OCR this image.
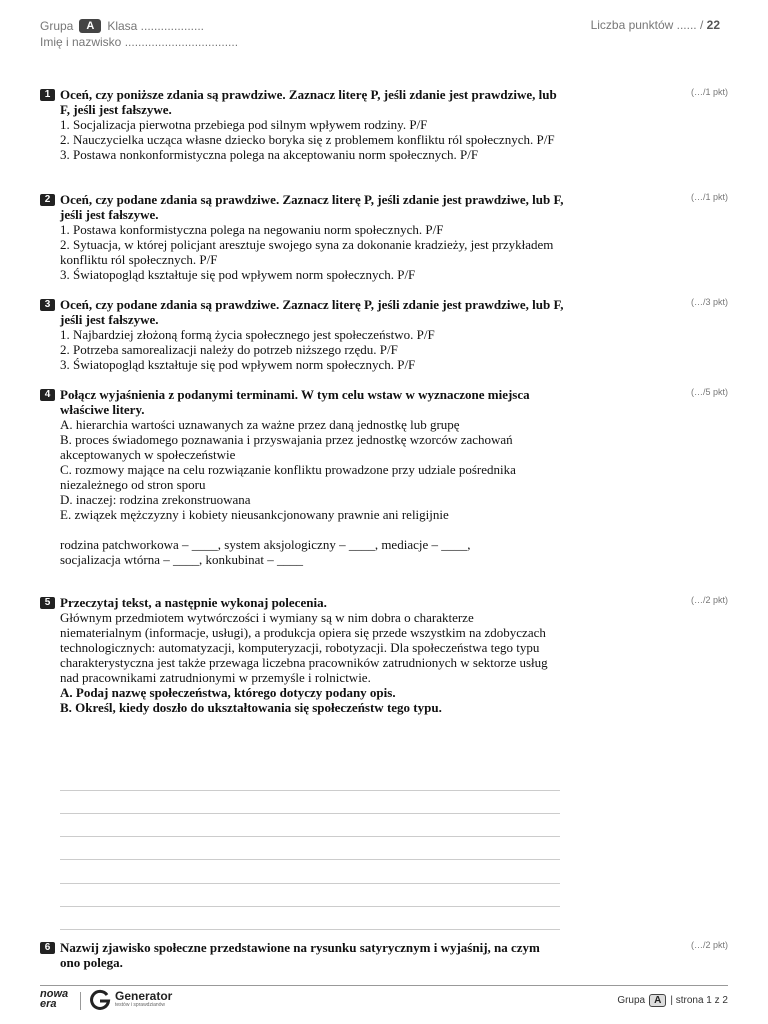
Grupa	A	Klasa ...................
Imię i nazwisko ..................................
Liczba punktów ...... / 22
1	(…/1 pkt)
Oceń, czy poniższe zdania są prawdziwe. Zaznacz literę P, jeśli zdanie jest prawdziwe, lub F, jeśli jest fałszywe.
1. Socjalizacja pierwotna przebiega pod silnym wpływem rodziny. P/F
2. Nauczycielka ucząca własne dziecko boryka się z problemem konfliktu ról społecznych. P/F
3. Postawa nonkonformistyczna polega na akceptowaniu norm społecznych. P/F
2	(…/1 pkt)
Oceń, czy podane zdania są prawdziwe. Zaznacz literę P, jeśli zdanie jest prawdziwe, lub F, jeśli jest fałszywe.
1. Postawa konformistyczna polega na negowaniu norm społecznych. P/F
2. Sytuacja, w której policjant aresztuje swojego syna za dokonanie kradzieży, jest przykładem konfliktu ról społecznych. P/F
3. Światopogląd kształtuje się pod wpływem norm społecznych. P/F
3	(…/3 pkt)
Oceń, czy podane zdania są prawdziwe. Zaznacz literę P, jeśli zdanie jest prawdziwe, lub F, jeśli jest fałszywe.
1. Najbardziej złożoną formą życia społecznego jest społeczeństwo. P/F
2. Potrzeba samorealizacji należy do potrzeb niższego rzędu. P/F
3. Światopogląd kształtuje się pod wpływem norm społecznych. P/F
4	(…/5 pkt)
Połącz wyjaśnienia z podanymi terminami. W tym celu wstaw w wyznaczone miejsca właściwe litery.
A. hierarchia wartości uznawanych za ważne przez daną jednostkę lub grupę
B. proces świadomego poznawania i przyswajania przez jednostkę wzorców zachowań akceptowanych w społeczeństwie
C. rozmowy mające na celu rozwiązanie konfliktu prowadzone przy udziale pośrednika niezależnego od stron sporu
D. inaczej: rodzina zrekonstruowana
E. związek mężczyzny i kobiety nieusankcjonowany prawnie ani religijnie
rodzina patchworkowa – ____, system aksjologiczny – ____, mediacje – ____, socjalizacja wtórna – ____, konkubinat – ____
5	(…/2 pkt)
Przeczytaj tekst, a następnie wykonaj polecenia.
Głównym przedmiotem wytwórczości i wymiany są w nim dobra o charakterze niematerialnym (informacje, usługi), a produkcja opiera się przede wszystkim na zdobyczach technologicznych: automatyzacji, komputeryzacji, robotyzacji. Dla społeczeństwa tego typu charakterystyczna jest także przewaga liczebna pracowników zatrudnionych w sektorze usług nad pracownikami zatrudnionymi w przemyśle i rolnictwie.
A. Podaj nazwę społeczeństwa, którego dotyczy podany opis.
B. Określ, kiedy doszło do ukształtowania się społeczeństw tego typu.
6	(…/2 pkt)
Nazwij zjawisko społeczne przedstawione na rysunku satyrycznym i wyjaśnij, na czym ono polega.
nowa era
Generator
testów i sprawdzianów	Grupa A | strona 1 z 2
